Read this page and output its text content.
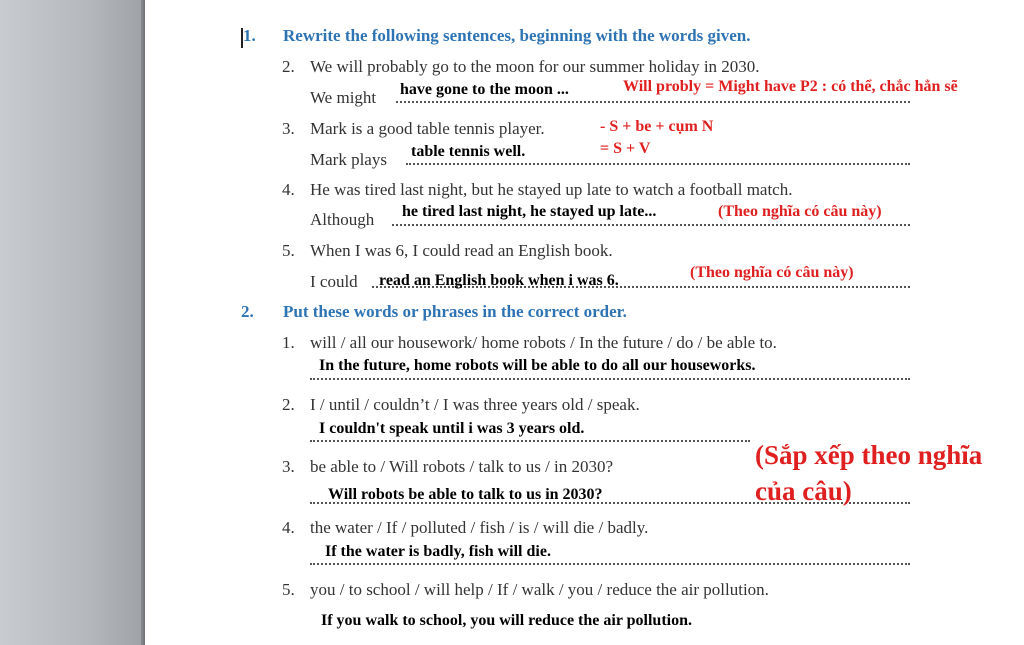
1. Rewrite the following sentences, beginning with the words given.
2. We will probably go to the moon for our summer holiday in 2030.
We might have gone to the moon ...	Will probly = Might have P2 : có thể, chắc hẳn sẽ
3. Mark is a good table tennis player.
Mark plays table tennis well.
- S + be + cụm N
= S + V
4. He was tired last night, but he stayed up late to watch a football match.
Although he tired last night, he stayed up late...	(Theo nghĩa có câu này)
5. When I was 6, I could read an English book.
I could read an English book when i was 6.	(Theo nghĩa có câu này)
2. Put these words or phrases in the correct order.
1. will / all our housework/ home robots / In the future / do / be able to.
In the future, home robots will be able to do all our houseworks.
2. I / until / couldn’t / I was three years old / speak.
I couldn't speak until i was 3 years old.
3. be able to / Will robots / talk to us / in 2030?
Will robots be able to talk to us in 2030?
4. the water / If / polluted / fish / is / will die / badly.
If the water is badly, fish will die.
5. you / to school / will help / If / walk / you / reduce the air pollution.
If you walk to school, you will reduce the air pollution.
(Sắp xếp theo nghĩa của câu)
